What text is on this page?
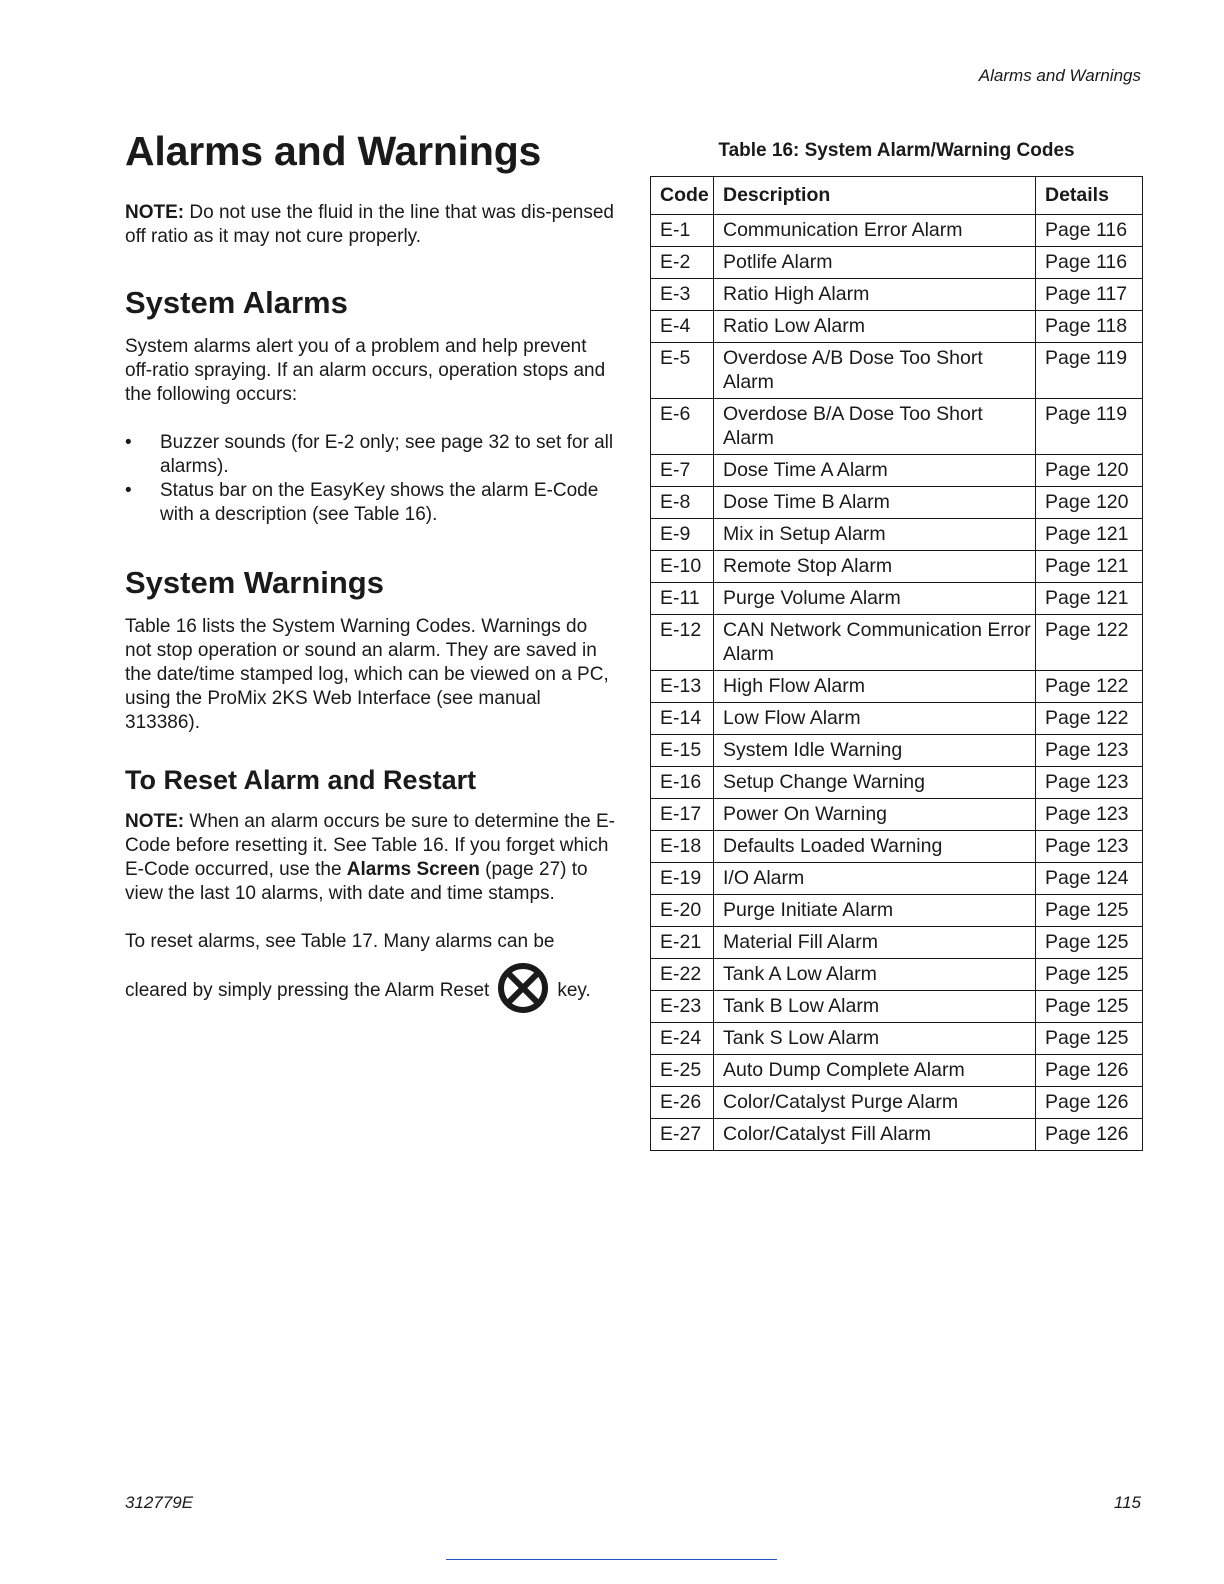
Alarms and Warnings
Alarms and Warnings

NOTE: Do not use the fluid in the line that was dis-pensed off ratio as it may not cure properly.

System Alarms

System alarms alert you of a problem and help prevent off-ratio spraying. If an alarm occurs, operation stops and the following occurs:

• Buzzer sounds (for E-2 only; see page 32 to set for all alarms).
• Status bar on the EasyKey shows the alarm E-Code with a description (see Table 16).
System Warnings

Table 16 lists the System Warning Codes. Warnings do not stop operation or sound an alarm. They are saved in the date/time stamped log, which can be viewed on a PC, using the ProMix 2KS Web Interface (see manual 313386).

To Reset Alarm and Restart

NOTE: When an alarm occurs be sure to determine the E-Code before resetting it. See Table 16. If you forget which E-Code occurred, use the Alarms Screen (page 27) to view the last 10 alarms, with date and time stamps.

To reset alarms, see Table 17. Many alarms can be

cleared by simply pressing the Alarm Reset	key.
Table 16: System Alarm/Warning Codes
Code	Description	Details
E-1	Communication Error Alarm	Page 116
E-2	Potlife Alarm	Page 116
E-3	Ratio High Alarm	Page 117
E-4	Ratio Low Alarm	Page 118
E-5	Overdose A/B Dose Too Short Alarm	Page 119
E-6	Overdose B/A Dose Too Short Alarm	Page 119
E-7	Dose Time A Alarm	Page 120
E-8	Dose Time B Alarm	Page 120
E-9	Mix in Setup Alarm	Page 121
E-10	Remote Stop Alarm	Page 121
E-11	Purge Volume Alarm	Page 121
E-12	CAN Network Communication Error Alarm	Page 122
E-13	High Flow Alarm	Page 122
E-14	Low Flow Alarm	Page 122
E-15	System Idle Warning	Page 123
E-16	Setup Change Warning	Page 123
E-17	Power On Warning	Page 123
E-18	Defaults Loaded Warning	Page 123
E-19	I/O Alarm	Page 124
E-20	Purge Initiate Alarm	Page 125
E-21	Material Fill Alarm	Page 125
E-22	Tank A Low Alarm	Page 125
E-23	Tank B Low Alarm	Page 125
E-24	Tank S Low Alarm	Page 125
E-25	Auto Dump Complete Alarm	Page 126
E-26	Color/Catalyst Purge Alarm	Page 126
E-27	Color/Catalyst Fill Alarm	Page 126
312779E	115
